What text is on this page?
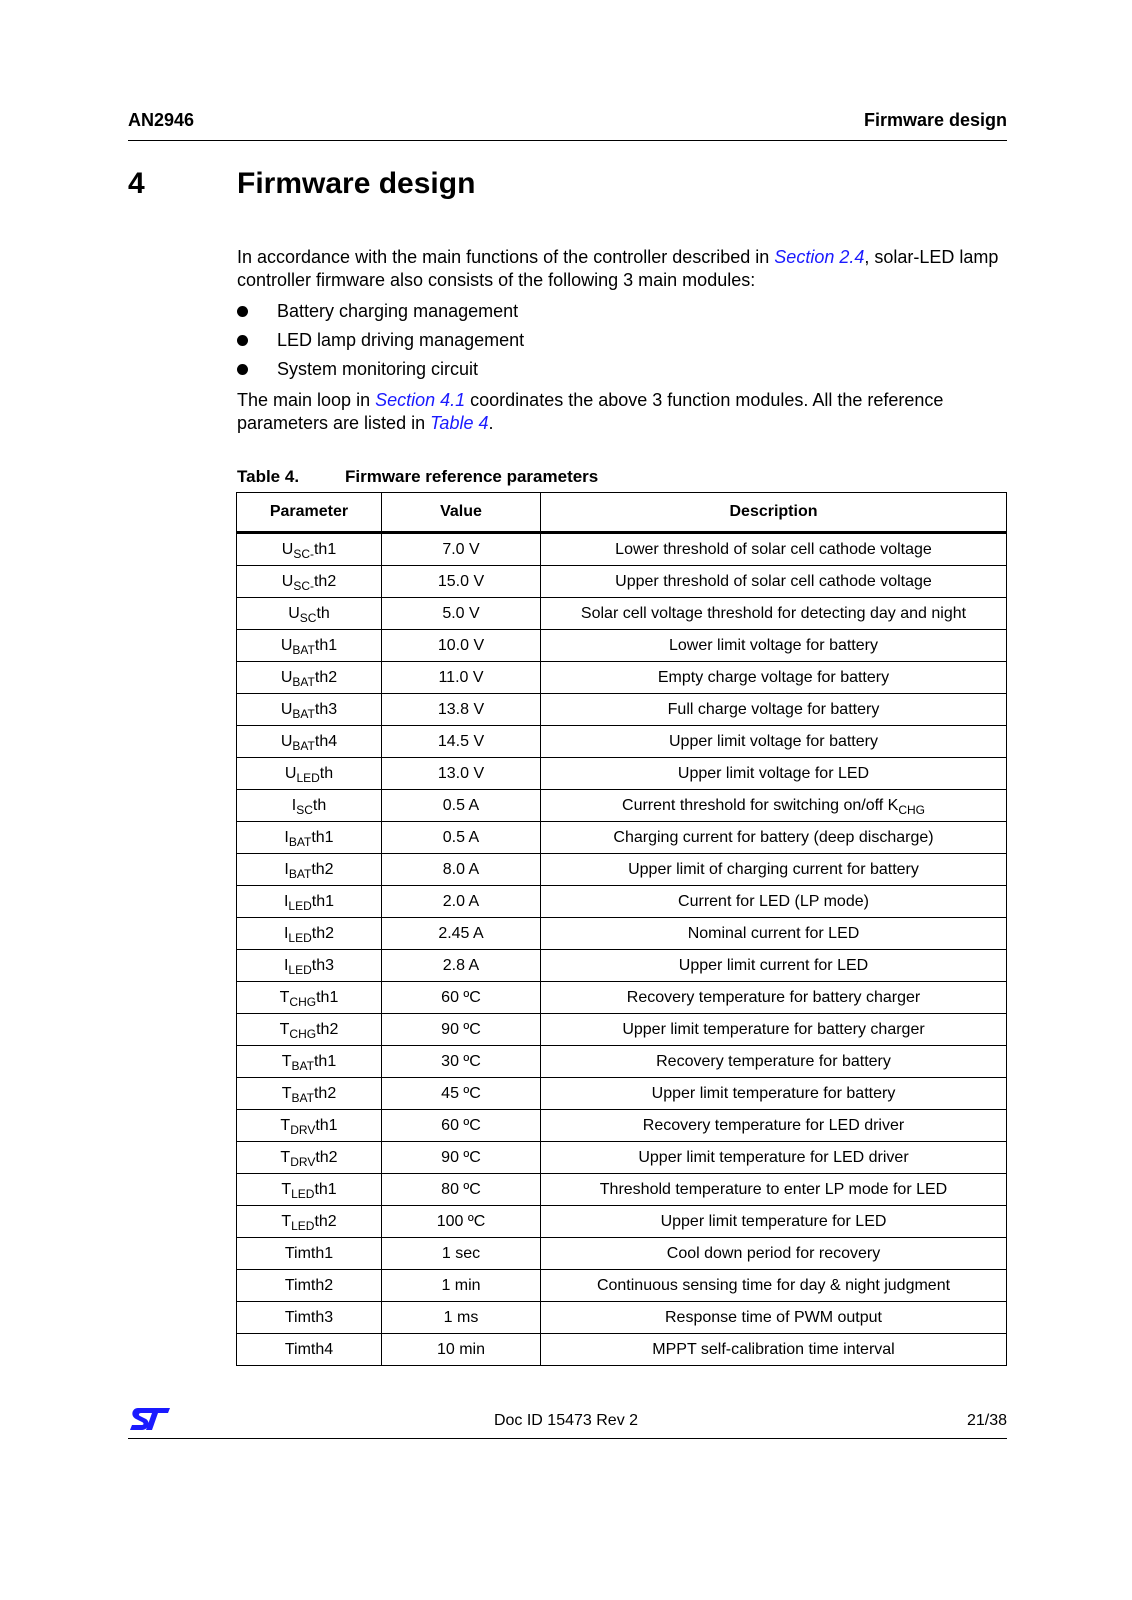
AN2946	Firmware design
4	Firmware design
In accordance with the main functions of the controller described in Section 2.4, solar-LED lamp controller firmware also consists of the following 3 main modules:
Battery charging management
LED lamp driving management
System monitoring circuit
The main loop in Section 4.1 coordinates the above 3 function modules. All the reference parameters are listed in Table 4.
Table 4.	Firmware reference parameters
Parameter	Value	Description
$U_{SC-}th1$	7.0 V	Lower threshold of solar cell cathode voltage
$U_{SC-}th2$	15.0 V	Upper threshold of solar cell cathode voltage
$U_{SC}th$	5.0 V	Solar cell voltage threshold for detecting day and night
$U_{BAT}th1$	10.0 V	Lower limit voltage for battery
$U_{BAT}th2$	11.0 V	Empty charge voltage for battery
$U_{BAT}th3$	13.8 V	Full charge voltage for battery
$U_{BAT}th4$	14.5 V	Upper limit voltage for battery
$U_{LED}th$	13.0 V	Upper limit voltage for LED
$I_{SC}th$	0.5 A	Current threshold for switching on/off $K_{CHG}$
$I_{BAT}th1$	0.5 A	Charging current for battery (deep discharge)
$I_{BAT}th2$	8.0 A	Upper limit of charging current for battery
$I_{LED}th1$	2.0 A	Current for LED (LP mode)
$I_{LED}th2$	2.45 A	Nominal current for LED
$I_{LED}th3$	2.8 A	Upper limit current for LED
$T_{CHG}th1$	60 ºC	Recovery temperature for battery charger
$T_{CHG}th2$	90 ºC	Upper limit temperature for battery charger
$T_{BAT}th1$	30 ºC	Recovery temperature for battery
$T_{BAT}th2$	45 ºC	Upper limit temperature for battery
$T_{DRV}th1$	60 ºC	Recovery temperature for LED driver
$T_{DRV}th2$	90 ºC	Upper limit temperature for LED driver
$T_{LED}th1$	80 ºC	Threshold temperature to enter LP mode for LED
$T_{LED}th2$	100 ºC	Upper limit temperature for LED
Timth1	1 sec	Cool down period for recovery
Timth2	1 min	Continuous sensing time for day & night judgment
Timth3	1 ms	Response time of PWM output
Timth4	10 min	MPPT self-calibration time interval
Doc ID 15473 Rev 2	21/38
